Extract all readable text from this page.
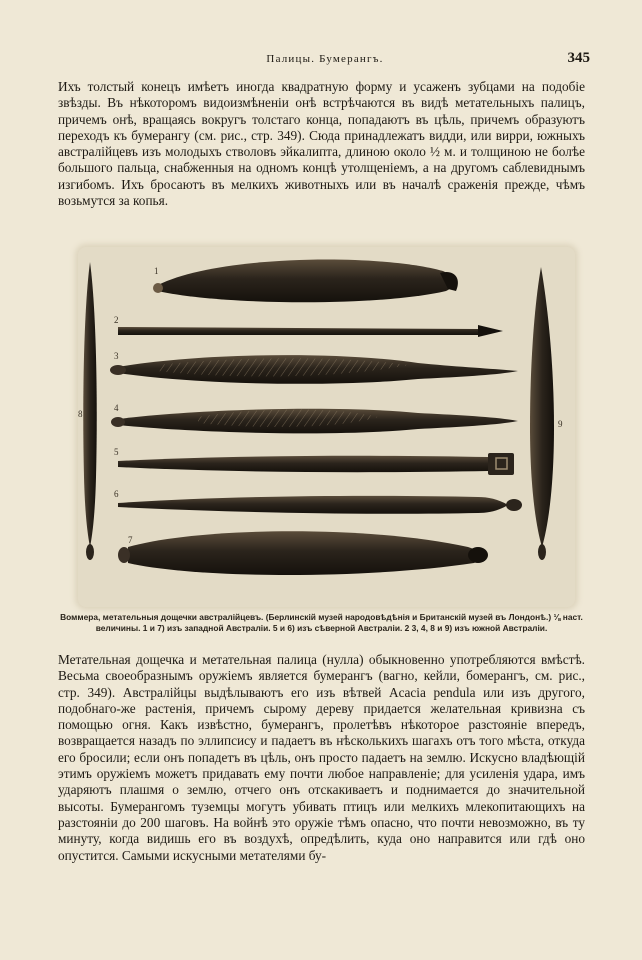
Палицы. Бумерангъ.	345
Ихъ толстый конецъ имѣетъ иногда квадратную форму и усаженъ зубцами на подобіе звѣзды. Въ нѣкоторомъ видоизмѣненіи онѣ встрѣчаются въ видѣ метательныхъ палицъ, причемъ онѣ, вращаясь вокругъ толстаго конца, попадаютъ въ цѣль, причемъ образуютъ переходъ къ бумерангу (см. рис., стр. 349). Сюда принадлежатъ видди, или вирри, южныхъ австралійцевъ изъ молодыхъ стволовъ эйкалипта, длиною около ½ м. и толщиною не болѣе большого пальца, снабженныя на одномъ концѣ утолщеніемъ, а на другомъ саблевиднымъ изгибомъ. Ихъ бросаютъ въ мелкихъ животныхъ или въ началѣ сраженія прежде, чѣмъ возьмутся за копья.
1
2
3
4
5
6
7
8
9
Воммера, метательныя дощечки австралійцевъ. (Берлинскій музей народовѣдѣнія и Британскій музей въ Лондонѣ.) ⅛ наст. величины. 1 и 7) изъ западной Австраліи. 5 и 6) изъ сѣверной Австраліи. 2 3, 4, 8 и 9) изъ южной Австраліи.
Метательная дощечка и метательная палица (нулла) обыкновенно употребляются вмѣстѣ. Весьма своеобразнымъ оружіемъ является бумерангъ (вагно, кейли, бомерангъ, см. рис., стр. 349). Австралійцы выдѣлываютъ его изъ вѣтвей Acacia pendula или изъ другого, подобнаго-же растенія, причемъ сырому дереву придается желательная кривизна съ помощью огня. Какъ извѣстно, бумерангъ, пролетѣвъ нѣкоторое разстояніе впередъ, возвращается назадъ по эллипсису и падаетъ въ нѣсколькихъ шагахъ отъ того мѣста, откуда его бросили; если онъ попадетъ въ цѣль, онъ просто падаетъ на землю. Искусно владѣющій этимъ оружіемъ можетъ придавать ему почти любое направленіе; для усиленія удара, имъ ударяютъ плашмя о землю, отчего онъ отскакиваетъ и поднимается до значительной высоты. Бумерангомъ туземцы могутъ убивать птицъ или мелкихъ млекопитающихъ на разстояніи до 200 шаговъ. На войнѣ это оружіе тѣмъ опасно, что почти невозможно, въ ту минуту, когда видишь его въ воздухѣ, опредѣлить, куда оно направится или гдѣ оно опустится. Самыми искусными метателями бу-
